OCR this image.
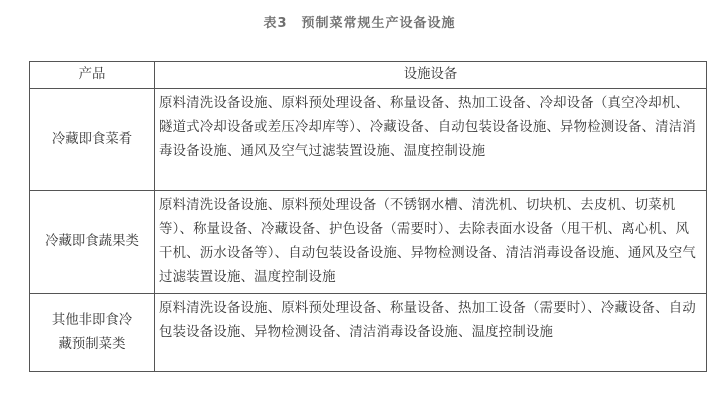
表3 预制菜常规生产设备设施
产品	设施设备
冷藏即食菜肴	原料清洗设备设施、原料预处理设备、称量设备、热加工设备、冷却设备（真空冷却机、隧道式冷却设备或差压冷却库等）、冷藏设备、自动包装设备设施、异物检测设备、清洁消毒设备设施、通风及空气过滤装置设施、温度控制设施
冷藏即食蔬果类	原料清洗设备设施、原料预处理设备（不锈钢水槽、清洗机、切块机、去皮机、切菜机等）、称量设备、冷藏设备、护色设备（需要时）、去除表面水设备（甩干机、离心机、风干机、沥水设备等）、自动包装设备设施、异物检测设备、清洁消毒设备设施、通风及空气过滤装置设施、温度控制设施
其他非即食冷藏预制菜类	原料清洗设备设施、原料预处理设备、称量设备、热加工设备（需要时）、冷藏设备、自动包装设备设施、异物检测设备、清洁消毒设备设施、温度控制设施
